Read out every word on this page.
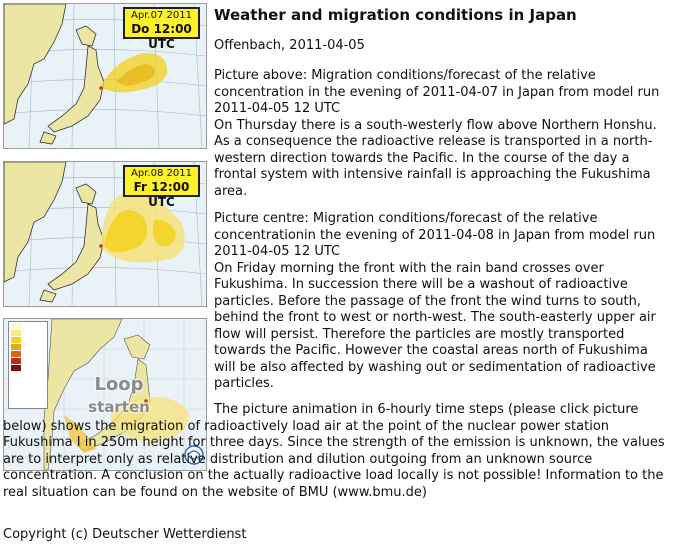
Apr.07 2011
Do 12:00 UTC
Apr.08 2011
Fr 12:00 UTC
Loop
starten
Weather and migration conditions in Japan
Offenbach, 2011-04-05
Picture above: Migration conditions/forecast of the relative concentration in the evening of 2011-04-07 in Japan from model run 2011-04-05 12 UTC
On Thursday there is a south-westerly flow above Northern Honshu. As a consequence the radioactive release is transported in a north-western direction towards the Pacific. In the course of the day a frontal system with intensive rainfall is approaching the Fukushima area.
Picture centre: Migration conditions/forecast of the relative concentrationin the evening of 2011-04-08 in Japan from model run 2011-04-05 12 UTC
On Friday morning the front with the rain band crosses over Fukushima. In succession there will be a washout of radioactive particles. Before the passage of the front the wind turns to south, behind the front to west or north-west. The south-easterly upper air flow will persist. Therefore the particles are mostly transported towards the Pacific. However the coastal areas north of Fukushima will be also affected by washing out or sedimentation of radioactive particles.
The picture animation in 6-hourly time steps (please click picture below) shows the migration of radioactively load air at the point of the nuclear power station Fukushima I in 250m height for three days. Since the strength of the emission is unknown, the values are to interpret only as relative distribution and dilution outgoing from an unknown source concentration. A conclusion on the actually radioactive load locally is not possible! Information to the real situation can be found on the website of BMU (www.bmu.de)
Copyright (c) Deutscher Wetterdienst
